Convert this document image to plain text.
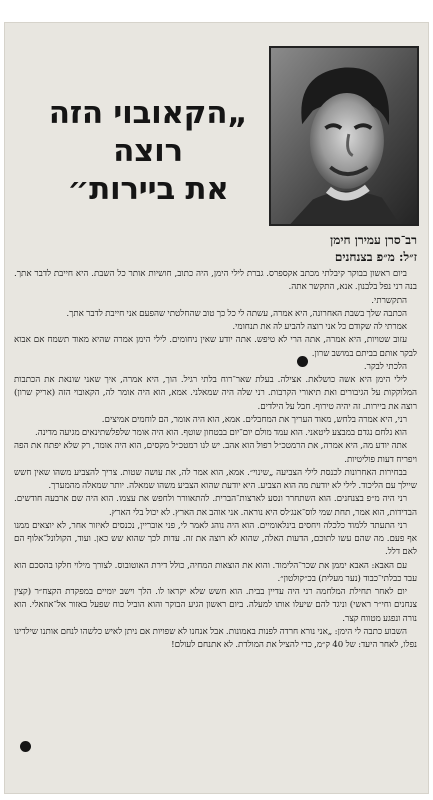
„הקאובוי הזה
רוצה
את ביירות״
רב־סרן עמירן חימן
ז״ל: מ״פ בצנחנים

ביום ראשון בבוקר קיבלתי מכתב אקספרס. גברת לילי הימן, היה כתוב, חושיות אותר כל השבת. היא חייבת לדבר אתך. בנה רני נפל בלבנון. אנא, התקשר אתה.

התקשרתי.

הכתבה שלך בשבת האחרונה, היא אמרה, עשתה לי כל כך טוב שהחלטתי שהפעם אני חייבת לדבר אתך.

אמרתי לה שקודם כל אני רוצה להביע לה את תנחומי.

עזוב שטויות, היא אמרה, אתה הרי לא טיפש. אתה יודע שאין ניחומים. לילי הימן אמרה שהיא מאוד תשמח אם אבוא לבקר אותם בביתם במושב שרון.

הלכתי לבקר.

לילי הימן היא אשה כושלאת. אצילה. בעלת שאר־רוח בלתי רגיל. הוך, היא אמרה, איך שאני שונאת את הכתבות המלוקקות על הגיבורים ואת תיאורי הקרבות. רני שלה היה שמאלני. אמא, הוא היה אומר לה, הקאובוי הזה (אריק שרון) רוצה את ביירות. זה יהיה טירוף. חבל על הילדים.

רני, היא אמרה בלחש, מאוד העריך את המחבלים. אמא, הוא היה אומר, הם לוחמים אמיצים.

הוא נלחם נגדם במבצע ליטאני. הוא עמד מולם יום־יום בבטחון שוטף. הוא היה אומר שלפלשתינאים מגיעה מדינה.

אתה יודע מה, היא אמרה, את הרמטכ״ל רפול הוא אהב. יש לנו רמטכ״ל מקסים, הוא היה אומר, רק שלא יפתח את הפה ויפריח דעות פוליטיות.

בבחירות האחרונות לכנסת לילי הצביעה „שינוי״. אמא, הוא אמר לה, את עושה שטות. צריך להצביע משהו שאין חשש שיילך עם הליכוד. לילי לא יודעת מה הוא הצביע. היא יודעת שהוא הצביע משהו שמאלה. יותר שמאלה מהמערך.

רני היה מ״פ בצנחנים. הוא השתחרר ונסע לארצות־הברית. להתאוורר ולחפש את עצמו. הוא היה שם ארבעה חודשים. הבדידות, הוא אמר, תחת שמי לוס־אנג׳לס היא נוראה. אני אוהב את הארץ. לא יכול בלי הארץ.

רני התעתד ללמוד כלכלה ויחסים בינלאומיים. הוא היה נוהג לאמר לי, פני אובריין, נכנסים לאיזור אחר, לא יוצאים ממנו אף פעם. מה שהם עשו לתוכם, הדעות האלה, שהוא לא רוצה את זה. עדות לכך שהוא שש כאן. ועוד, הקולונל־אלוף הם לאם דלל.

עם האבא: האבא יממן את שכר־הלימוד. והוא את הוצאות המחיה, כולל דירת האוטובוס. לצורך מילוי חלקו בהסכם הוא עבד כבלתי־כבוד (נער מעלית) בכ״קולטון״.

יום לאחר תחילת המלחמה רני היה עדיין בבית. הוא חשש שלא יקראו לו. הלך וישב יומיים במפקדת הקצח״ר (קצין צנחנים וחי״ר ראשי) וניגד להם שיעלו אותו למעלה. ביום ראשון הגיע הבוקר והוא הוביל כוח שפעל באזור אל־אוזאלי. הוא נורה ונפגע מטווח קצר.

השבוע כתבה לי הימן: „אני נורא חרדה לפנות באמונות. אבל אנחנו לא שפויות אם ניתן לאיש כלשהו לנחם אותנו שילדינו נפלו, לאחר היעד: של 40 ק״מ, כדי להציל את המולדת. לא אתנחם לעולם!
